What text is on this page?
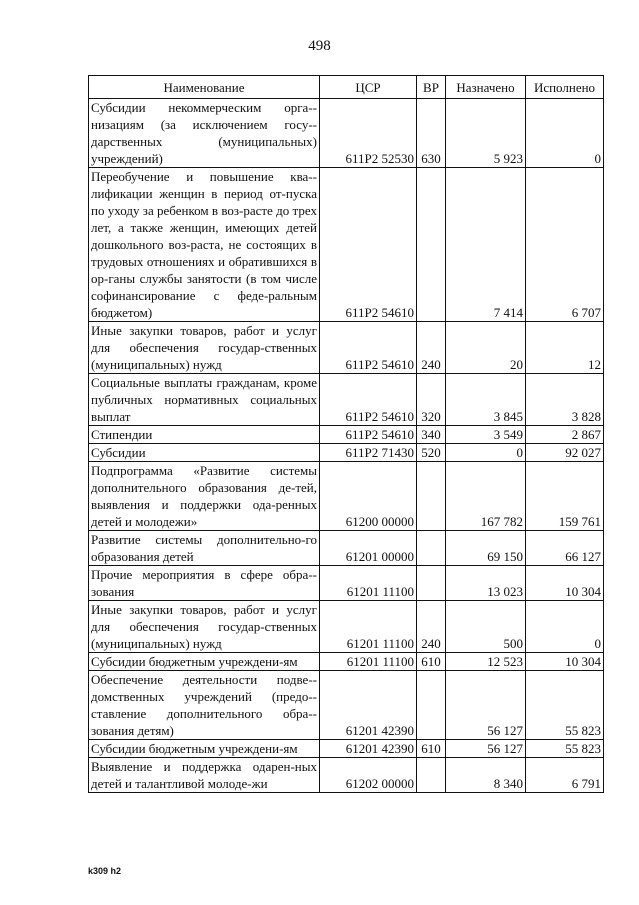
498
Наименование	ЦСР	ВР	Назначено	Исполнено
Субсидии некоммерческим орга-низациям (за исключением госу-дарственных (муниципальных) учреждений)	611P2 52530	630	5 923	0
Переобучение и повышение ква-лификации женщин в период от-пуска по уходу за ребенком в воз-расте до трех лет, а также женщин, имеющих детей дошкольного воз-раста, не состоящих в трудовых отношениях и обратившихся в ор-ганы службы занятости (в том числе софинансирование с феде-ральным бюджетом)	611P2 54610		7 414	6 707
Иные закупки товаров, работ и услуг для обеспечения государ-ственных (муниципальных) нужд	611P2 54610	240	20	12
Социальные выплаты гражданам, кроме публичных нормативных социальных выплат	611P2 54610	320	3 845	3 828
Стипендии	611P2 54610	340	3 549	2 867
Субсидии	611P2 71430	520	0	92 027
Подпрограмма «Развитие системы дополнительного образования де-тей, выявления и поддержки ода-ренных детей и молодежи»	61200 00000		167 782	159 761
Развитие системы дополнительно-го образования детей	61201 00000		69 150	66 127
Прочие мероприятия в сфере обра-зования	61201 11100		13 023	10 304
Иные закупки товаров, работ и услуг для обеспечения государ-ственных (муниципальных) нужд	61201 11100	240	500	0
Субсидии бюджетным учреждени-ям	61201 11100	610	12 523	10 304
Обеспечение деятельности подве-домственных учреждений (предо-ставление дополнительного обра-зования детям)	61201 42390		56 127	55 823
Субсидии бюджетным учреждени-ям	61201 42390	610	56 127	55 823
Выявление и поддержка одарен-ных детей и талантливой молоде-жи	61202 00000		8 340	6 791
k309 h2
